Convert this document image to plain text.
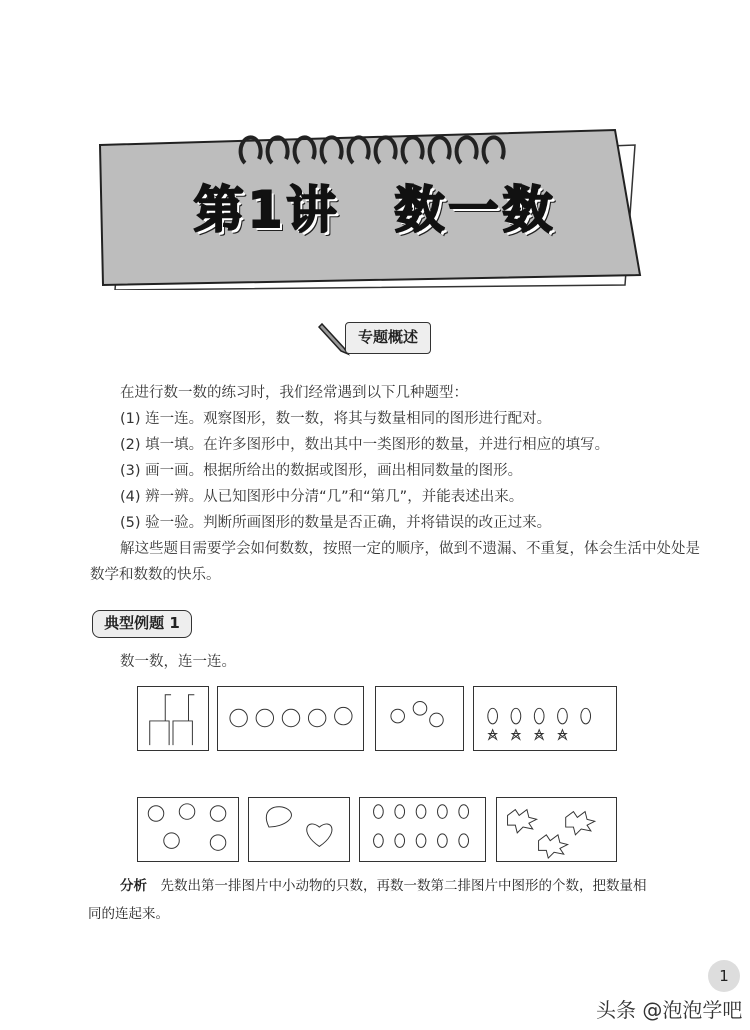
第1讲　数一数
专题概述
在进行数一数的练习时，我们经常遇到以下几种题型：
(1) 连一连。观察图形，数一数，将其与数量相同的图形进行配对。
(2) 填一填。在许多图形中，数出其中一类图形的数量，并进行相应的填写。
(3) 画一画。根据所给出的数据或图形，画出相同数量的图形。
(4) 辨一辨。从已知图形中分清“几”和“第几”，并能表述出来。
(5) 验一验。判断所画图形的数量是否正确，并将错误的改正过来。
解这些题目需要学会如何数数，按照一定的顺序，做到不遗漏、不重复，体会生活中处处是
数学和数数的快乐。
典型例题 1
数一数，连一连。
分析　 先数出第一排图片中小动物的只数，再数一数第二排图片中图形的个数，把数量相
同的连起来。
1
头条 @泡泡学吧
